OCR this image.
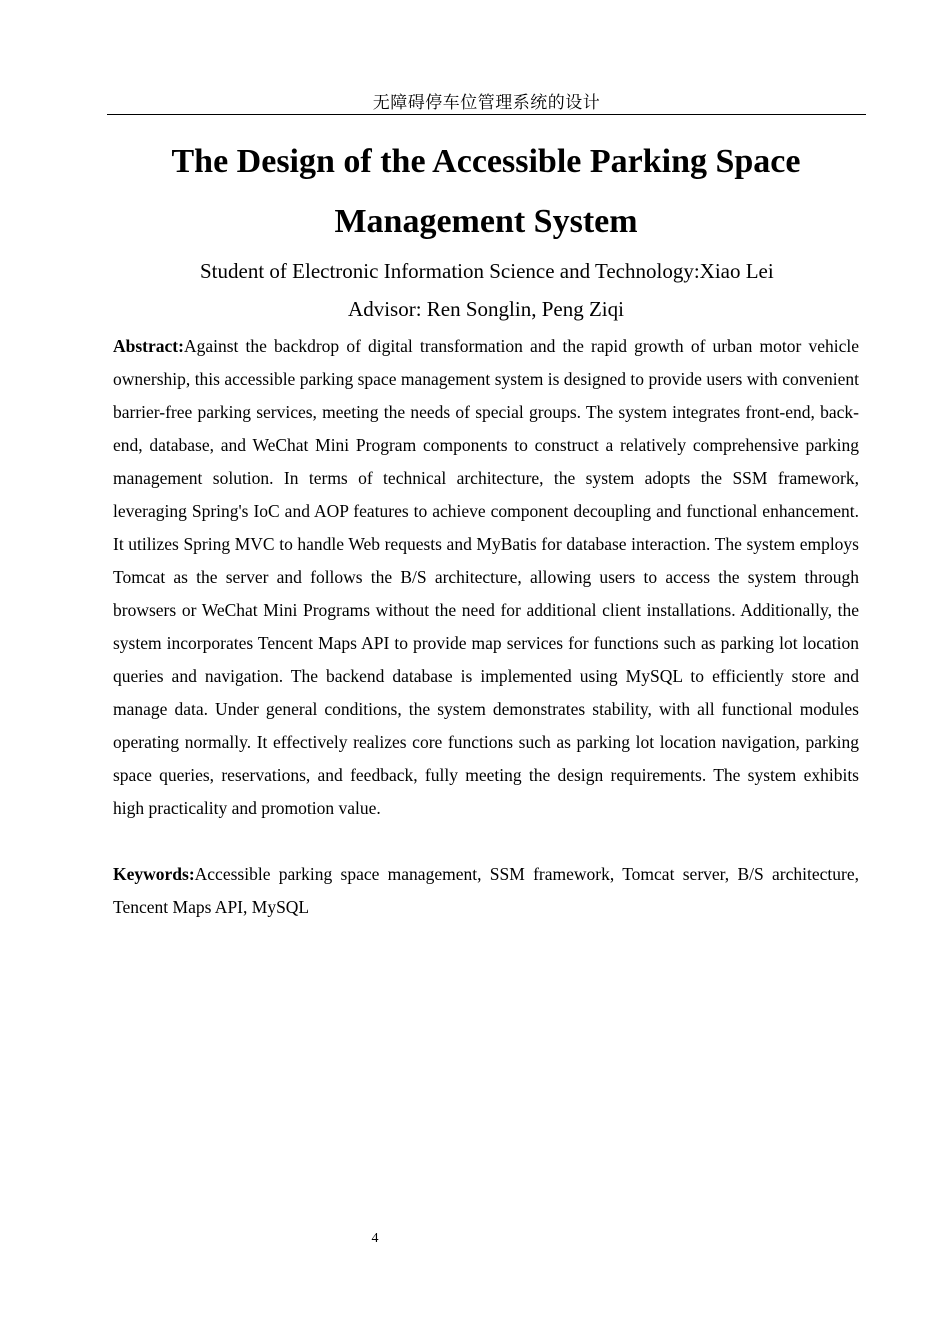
无障碍停车位管理系统的设计
The Design of the Accessible Parking Space Management System
Student of Electronic Information Science and Technology:Xiao Lei
Advisor: Ren Songlin, Peng Ziqi

Abstract:Against the backdrop of digital transformation and the rapid growth of urban motor vehicle ownership, this accessible parking space management system is designed to provide users with convenient barrier-free parking services, meeting the needs of special groups. The system integrates front-end, back-end, database, and WeChat Mini Program components to construct a relatively comprehensive parking management solution. In terms of technical architecture, the system adopts the SSM framework, leveraging Spring's IoC and AOP features to achieve component decoupling and functional enhancement. It utilizes Spring MVC to handle Web requests and MyBatis for database interaction. The system employs Tomcat as the server and follows the B/S architecture, allowing users to access the system through browsers or WeChat Mini Programs without the need for additional client installations. Additionally, the system incorporates Tencent Maps API to provide map services for functions such as parking lot location queries and navigation. The backend database is implemented using MySQL to efficiently store and manage data. Under general conditions, the system demonstrates stability, with all functional modules operating normally. It effectively realizes core functions such as parking lot location navigation, parking space queries, reservations, and feedback, fully meeting the design requirements. The system exhibits high practicality and promotion value.

Keywords:Accessible parking space management, SSM framework, Tomcat server, B/S architecture, Tencent Maps API, MySQL

4
